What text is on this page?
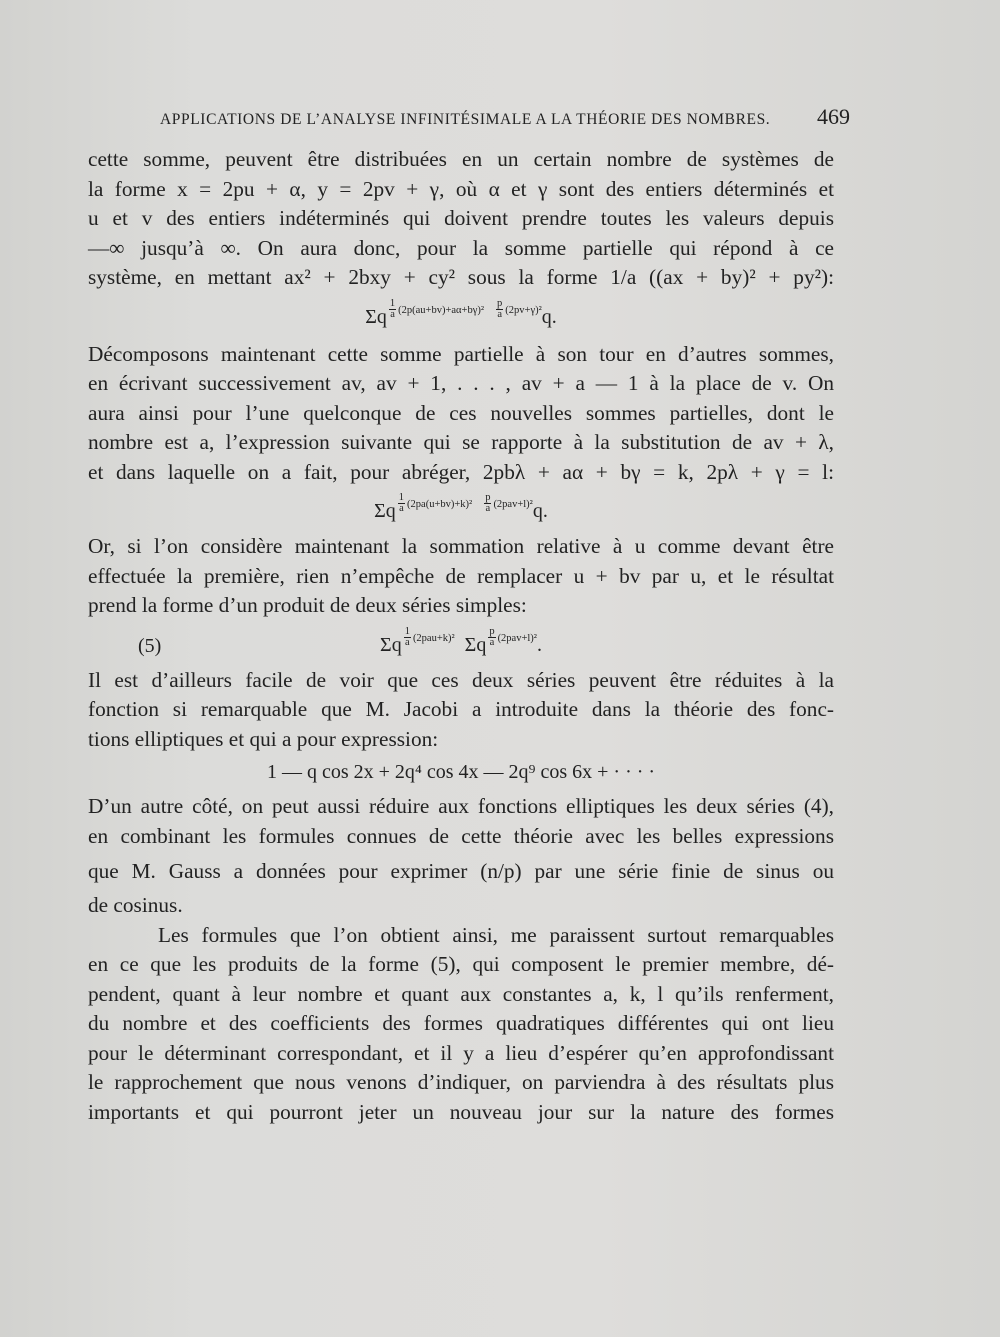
APPLICATIONS DE L’ANALYSE INFINITÉSIMALE A LA THÉORIE DES NOMBRES. 469
cette somme, peuvent être distribuées en un certain nombre de systèmes de
la forme x = 2pu + α, y = 2pv + γ, où α et γ sont des entiers déterminés et
u et v des entiers indéterminés qui doivent prendre toutes les valeurs depuis
—∞ jusqu’à ∞. On aura donc, pour la somme partielle qui répond à ce
système, en mettant ax² + 2bxy + cy² sous la forme 1/a ((ax + by)² + py²):
Σq $\frac{1}{a} ^{(2p(au+bv)+a\alpha+b\gamma)^2} \frac{p}{a} ^{(2pv+\gamma)^2}q$.
Décomposons maintenant cette somme partielle à son tour en d’autres sommes,
en écrivant successivement av, av + 1, . . . , av + a — 1 à la place de v. On
aura ainsi pour l’une quelconque de ces nouvelles sommes partielles, dont le
nombre est a, l’expression suivante qui se rapporte à la substitution de av + λ,
et dans laquelle on a fait, pour abréger, 2pbλ + aα + bγ = k, 2pλ + γ = l:
Σq $\frac{1}{a} ^{(2pa(u+bv)+k)^2} \frac{p}{a} ^{(2pav+l)^2}q$.
Or, si l’on considère maintenant la sommation relative à u comme devant être
effectuée la première, rien n’empêche de remplacer u + bv par u, et le résultat
prend la forme d’un produit de deux séries simples:
(5)	Σq $\frac{1}{a} ^{(2pau+k)^2}$ Σq $\frac{p}{a} ^{(2pav+l)^2}$.
Il est d’ailleurs facile de voir que ces deux séries peuvent être réduites à la
fonction si remarquable que M. Jacobi a introduite dans la théorie des fonc-
tions elliptiques et qui a pour expression:
1 — q cos 2x + 2q⁴ cos 4x — 2q⁹ cos 6x + · · · ·
D’un autre côté, on peut aussi réduire aux fonctions elliptiques les deux séries (4),
en combinant les formules connues de cette théorie avec les belles expressions
que M. Gauss a données pour exprimer (n/p) par une série finie de sinus ou
de cosinus.
Les formules que l’on obtient ainsi, me paraissent surtout remarquables
en ce que les produits de la forme (5), qui composent le premier membre, dé-
pendent, quant à leur nombre et quant aux constantes a, k, l qu’ils renferment,
du nombre et des coefficients des formes quadratiques différentes qui ont lieu
pour le déterminant correspondant, et il y a lieu d’espérer qu’en approfondissant
le rapprochement que nous venons d’indiquer, on parviendra à des résultats plus
importants et qui pourront jeter un nouveau jour sur la nature des formes
